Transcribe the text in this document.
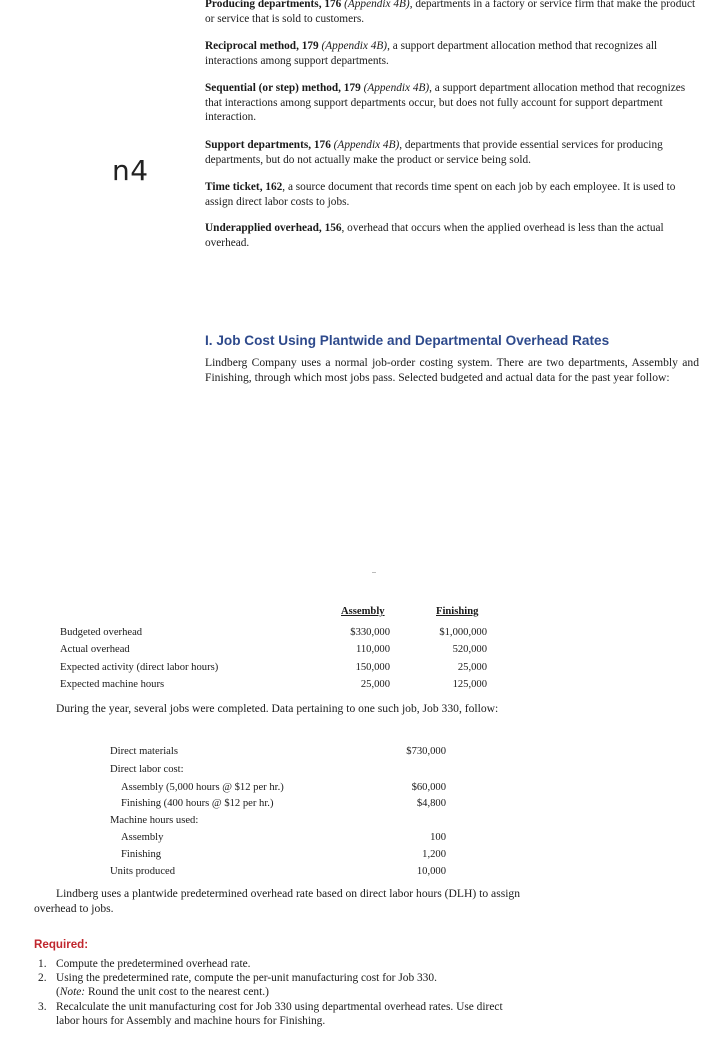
Producing departments, 176 (Appendix 4B), departments in a factory or service firm that make the product or service that is sold to customers.
Reciprocal method, 179 (Appendix 4B), a support department allocation method that recognizes all interactions among support departments.
Sequential (or step) method, 179 (Appendix 4B), a support department allocation method that recognizes that interactions among support departments occur, but does not fully account for support department interaction.
Support departments, 176 (Appendix 4B), departments that provide essential services for producing departments, but do not actually make the product or service being sold.
Time ticket, 162, a source document that records time spent on each job by each employee. It is used to assign direct labor costs to jobs.
Underapplied overhead, 156, overhead that occurs when the applied overhead is less than the actual overhead.
n4
I. Job Cost Using Plantwide and Departmental Overhead Rates
Lindberg Company uses a normal job-order costing system. There are two departments, Assembly and Finishing, through which most jobs pass. Selected budgeted and actual data for the past year follow:
Assembly	Finishing
Budgeted overhead	$330,000	$1,000,000
Actual overhead	110,000	520,000
Expected activity (direct labor hours)	150,000	25,000
Expected machine hours	25,000	125,000
During the year, several jobs were completed. Data pertaining to one such job, Job 330, follow:
Direct materials	$730,000
Direct labor cost:
Assembly (5,000 hours @ $12 per hr.)	$60,000
Finishing (400 hours @ $12 per hr.)	$4,800
Machine hours used:
Assembly	100
Finishing	1,200
Units produced	10,000
Lindberg uses a plantwide predetermined overhead rate based on direct labor hours (DLH) to assign overhead to jobs.
Required:
1. Compute the predetermined overhead rate.
2. Using the predetermined rate, compute the per-unit manufacturing cost for Job 330.
(Note: Round the unit cost to the nearest cent.)
3. Recalculate the unit manufacturing cost for Job 330 using departmental overhead rates. Use direct labor hours for Assembly and machine hours for Finishing.
